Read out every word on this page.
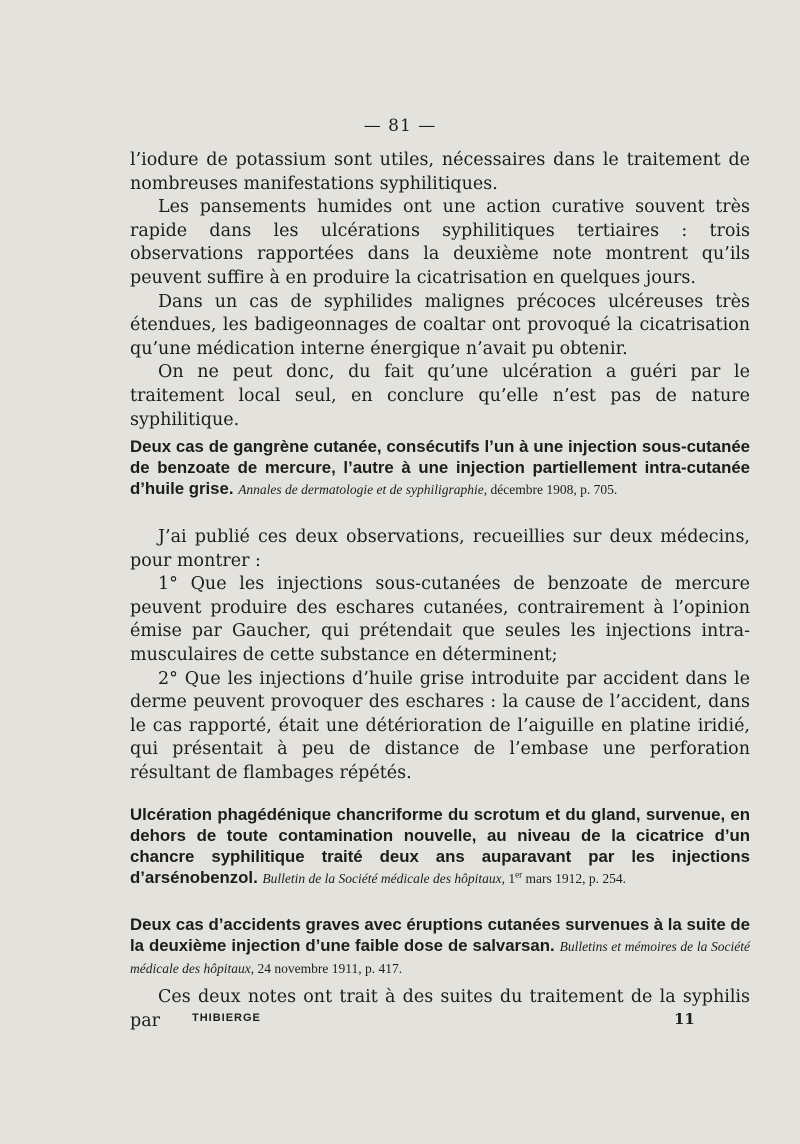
— 81 —

l’iodure de potassium sont utiles, nécessaires dans le traitement de nombreuses manifestations syphilitiques.

Les pansements humides ont une action curative souvent très rapide dans les ulcérations syphilitiques tertiaires : trois observations rapportées dans la deuxième note montrent qu’ils peuvent suffire à en produire la cicatrisation en quelques jours.

Dans un cas de syphilides malignes précoces ulcéreuses très étendues, les badigeonnages de coaltar ont provoqué la cicatrisation qu’une médication interne énergique n’avait pu obtenir.

On ne peut donc, du fait qu’une ulcération a guéri par le traitement local seul, en conclure qu’elle n’est pas de nature syphilitique.

Deux cas de gangrène cutanée, consécutifs l’un à une injection sous-cutanée de benzoate de mercure, l’autre à une injection partiellement intra-cutanée d’huile grise. Annales de dermatologie et de syphiligraphie, décembre 1908, p. 705.

J’ai publié ces deux observations, recueillies sur deux médecins, pour montrer :

1° Que les injections sous-cutanées de benzoate de mercure peuvent produire des eschares cutanées, contrairement à l’opinion émise par Gaucher, qui prétendait que seules les injections intra-musculaires de cette substance en déterminent;

2° Que les injections d’huile grise introduite par accident dans le derme peuvent provoquer des eschares : la cause de l’accident, dans le cas rapporté, était une détérioration de l’aiguille en platine iridié, qui présentait à peu de distance de l’embase une perforation résultant de flambages répétés.

Ulcération phagédénique chancriforme du scrotum et du gland, survenue, en dehors de toute contamination nouvelle, au niveau de la cicatrice d’un chancre syphilitique traité deux ans auparavant par les injections d’arsénobenzol. Bulletin de la Société médicale des hôpitaux, 1er mars 1912, p. 254.
Deux cas d’accidents graves avec éruptions cutanées survenues à la suite de la deuxième injection d’une faible dose de salvarsan. Bulletins et mémoires de la Société médicale des hôpitaux, 24 novembre 1911, p. 417.

Ces deux notes ont trait à des suites du traitement de la syphilis par	THIBIERGE	11
